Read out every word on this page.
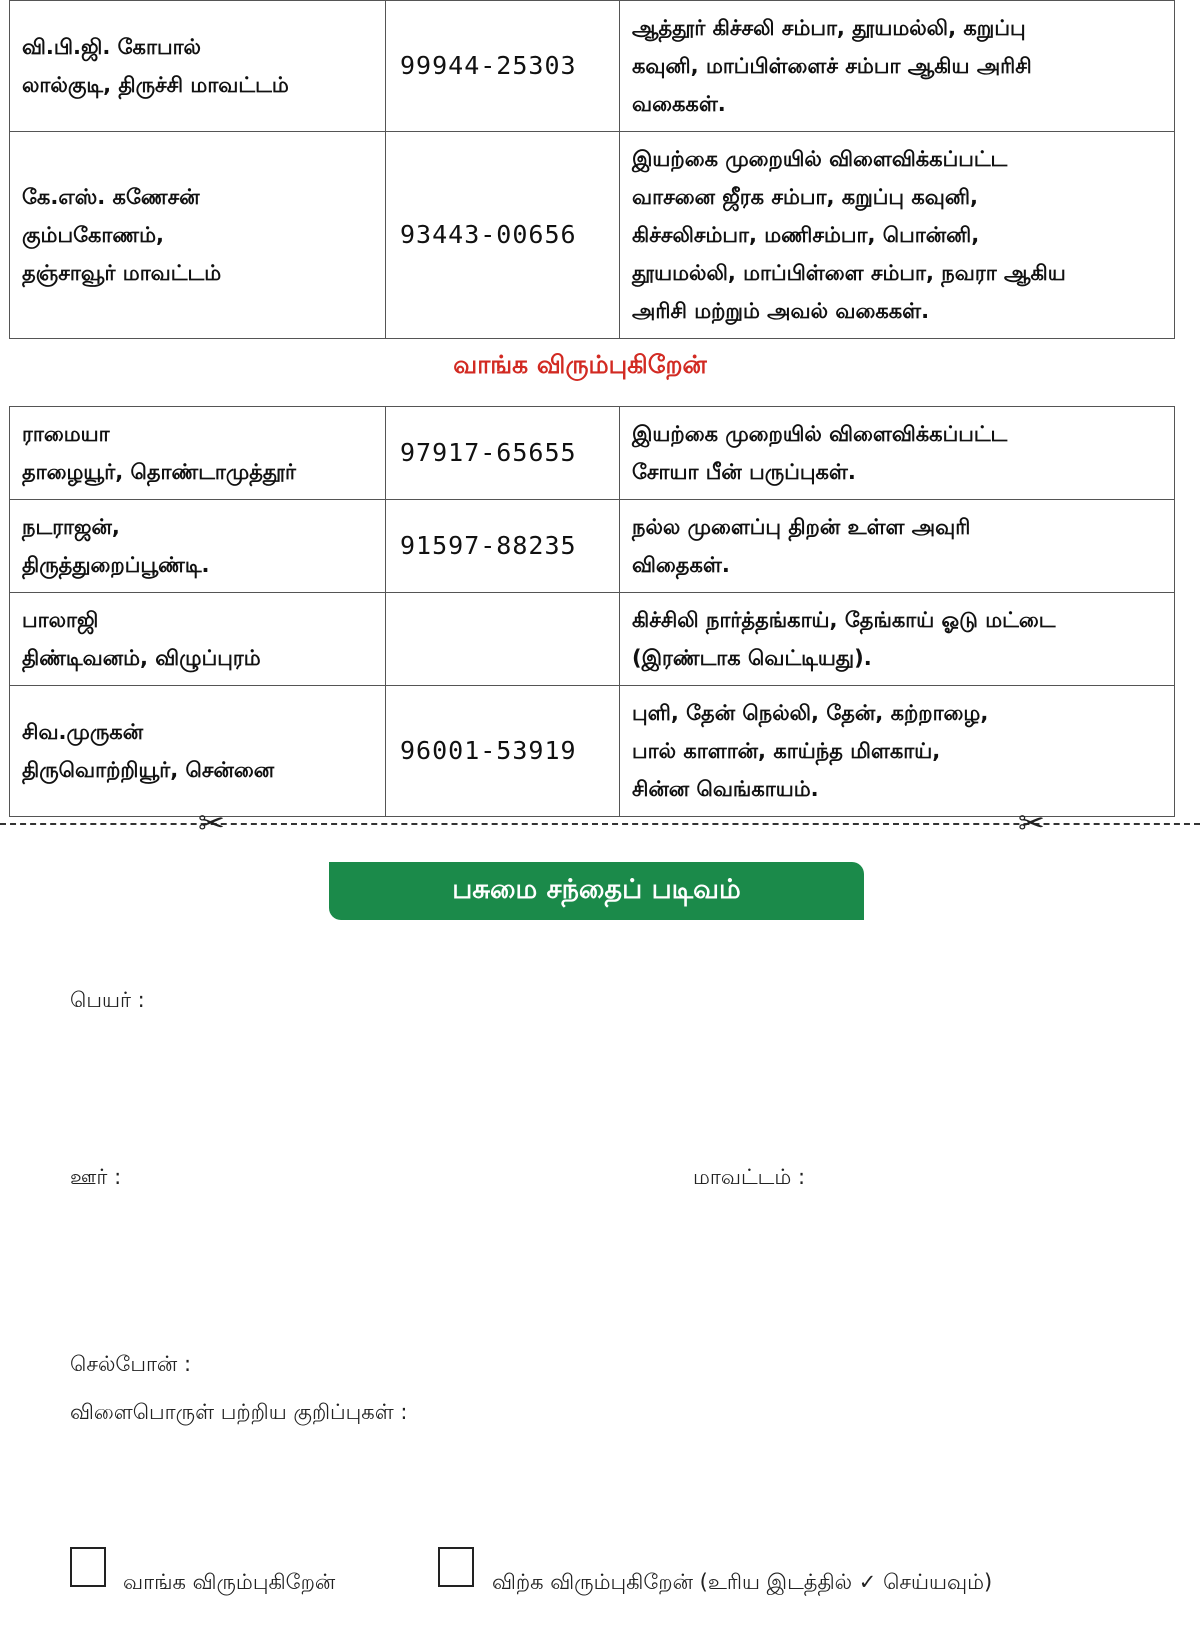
வி.பி.ஜி. கோபால்
லால்குடி, திருச்சி மாவட்டம்	99944-25303	ஆத்தூர் கிச்சலி சம்பா, தூயமல்லி, கறுப்பு
கவுனி, மாப்பிள்ளைச் சம்பா ஆகிய அரிசி
வகைகள்.

கே.எஸ். கணேசன்
கும்பகோணம்,
தஞ்சாவூர் மாவட்டம்	93443-00656	இயற்கை முறையில் விளைவிக்கப்பட்ட
வாசனை ஜீரக சம்பா, கறுப்பு கவுனி,
கிச்சலிசம்பா, மணிசம்பா, பொன்னி,
தூயமல்லி, மாப்பிள்ளை சம்பா, நவரா ஆகிய
அரிசி மற்றும் அவல் வகைகள்.
வாங்க விரும்புகிறேன்
ராமையா
தாழையூர், தொண்டாமுத்தூர்	97917-65655	இயற்கை முறையில் விளைவிக்கப்பட்ட
சோயா பீன் பருப்புகள்.

நடராஜன்,
திருத்துறைப்பூண்டி.	91597-88235	நல்ல முளைப்பு திறன் உள்ள அவுரி
விதைகள்.

பாலாஜி
திண்டிவனம், விழுப்புரம்		கிச்சிலி நார்த்தங்காய், தேங்காய் ஓடு மட்டை
(இரண்டாக வெட்டியது).

சிவ.முருகன்
திருவொற்றியூர், சென்னை	96001-53919	புளி, தேன் நெல்லி, தேன், கற்றாழை,
பால் காளான், காய்ந்த மிளகாய்,
சின்ன வெங்காயம்.
✂	✂
பசுமை சந்தைப் படிவம்
பெயர் :
ஊர் :	மாவட்டம் :
செல்போன் :
விளைபொருள் பற்றிய குறிப்புகள் :
வாங்க விரும்புகிறேன்	விற்க விரும்புகிறேன் (உரிய இடத்தில் ✓ செய்யவும்)
